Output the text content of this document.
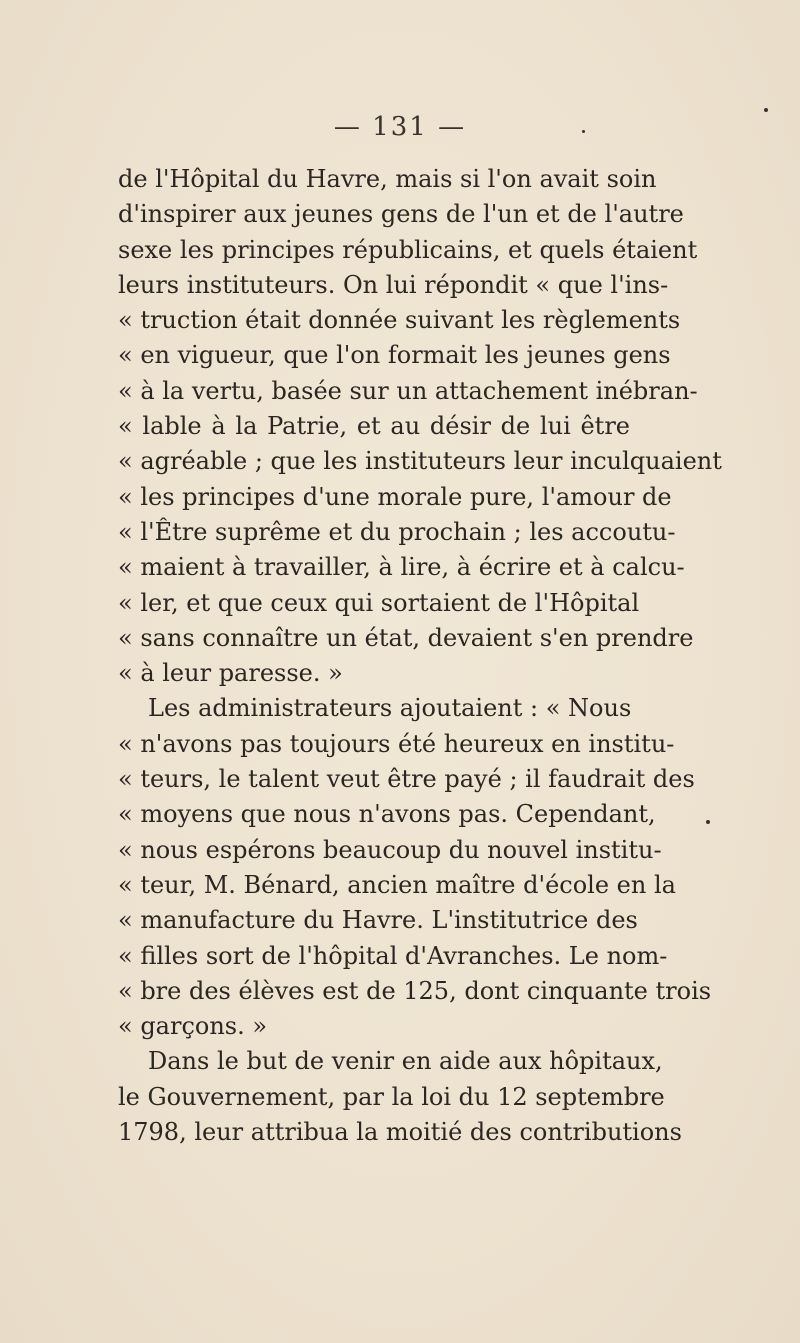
— 131 —
de l'Hôpital du Havre, mais si l'on avait soin
d'inspirer aux jeunes gens de l'un et de l'autre
sexe les principes républicains, et quels étaient
leurs instituteurs. On lui répondit « que l'ins-
« truction était donnée suivant les règlements
« en vigueur, que l'on formait les jeunes gens
« à la vertu, basée sur un attachement inébran-
« lable à la Patrie, et au désir de lui être
« agréable ; que les instituteurs leur inculquaient
« les principes d'une morale pure, l'amour de
« l'Être suprême et du prochain ; les accoutu-
« maient à travailler, à lire, à écrire et à calcu-
« ler, et que ceux qui sortaient de l'Hôpital
« sans connaître un état, devaient s'en prendre
« à leur paresse. »
Les administrateurs ajoutaient : « Nous
« n'avons pas toujours été heureux en institu-
« teurs, le talent veut être payé ; il faudrait des
« moyens que nous n'avons pas. Cependant,
« nous espérons beaucoup du nouvel institu-
« teur, M. Bénard, ancien maître d'école en la
« manufacture du Havre. L'institutrice des
« filles sort de l'hôpital d'Avranches. Le nom-
« bre des élèves est de 125, dont cinquante trois
« garçons. »
Dans le but de venir en aide aux hôpitaux,
le Gouvernement, par la loi du 12 septembre
1798, leur attribua la moitié des contributions
